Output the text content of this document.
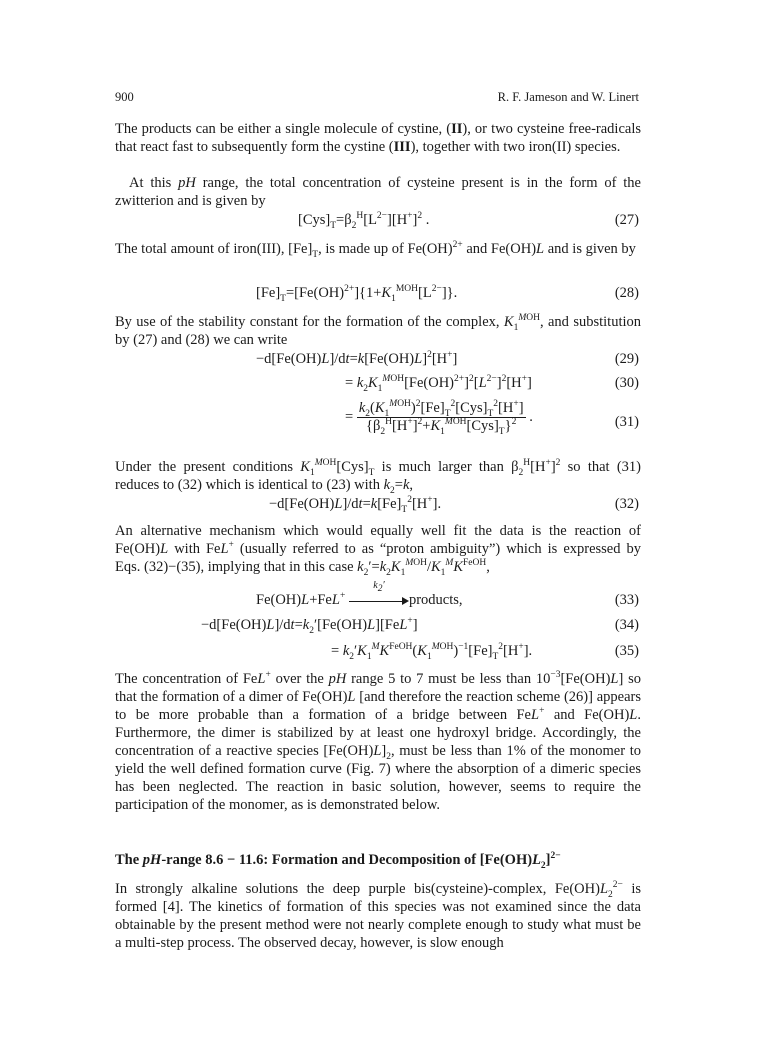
900	R. F. Jameson and W. Linert
The products can be either a single molecule of cystine, (II), or two cysteine free-radicals that react fast to subsequently form the cystine (III), together with two iron(II) species.
At this pH range, the total concentration of cysteine present is in the form of the zwitterion and is given by
$[Cys]_T=\beta_2^H[L^{2-}][H^+]^2$ .	(27)
The total amount of iron(III), $[Fe]_T$, is made up of Fe(OH)$^{2+}$ and Fe(OH)L and is given by
$[Fe]_T=[Fe(OH)^{2+}]\{1+K_1^{MOH}[L^{2-}]\}$.	(28)
By use of the stability constant for the formation of the complex, $K_1^{MOH}$, and substitution by (27) and (28) we can write
$-d[Fe(OH)L]/dt=k[Fe(OH)L]^2[H^+]$	(29)
= $k_2K_1^{MOH}[Fe(OH)^{2+}]^2[L^{2-}]^2[H^+]$	(30)
= $\frac{k_2(K_1^{MOH})^2[Fe]_T^2[Cys]_T^2[H^+]}{\{\beta_2^H[H^+]^2+K_1^{MOH}[Cys]_T\}^2}$ .	(31)
Under the present conditions $K_1^{MOH}[Cys]_T$ is much larger than $\beta_2^H[H^+]^2$ so that (31) reduces to (32) which is identical to (23) with $k_2=k$,
$-d[Fe(OH)L]/dt=k[Fe]_T^2[H^+]$.	(32)
An alternative mechanism which would equally well fit the data is the reaction of Fe(OH)L with FeL+ (usually referred to as “proton ambiguity”) which is expressed by Eqs. (32)−(35), implying that in this case $k_2'=k_2K_1^{MOH}/K_1^MK^{FeOH}$,
Fe(OH)L+FeL+
$k_2'$
products,	(33)
$-d[Fe(OH)L]/dt=k_2'[Fe(OH)L][FeL^+]$	(34)
= $k_2'K_1^MK^{FeOH}(K_1^{MOH})^{-1}[Fe]_T^2[H^+]$.	(35)
The concentration of FeL+ over the pH range 5 to 7 must be less than $10^{-3}[Fe(OH)L]$ so that the formation of a dimer of Fe(OH)L [and therefore the reaction scheme (26)] appears to be more probable than a formation of a bridge between FeL+ and Fe(OH)L. Furthermore, the dimer is stabilized by at least one hydroxyl bridge. Accordingly, the concentration of a reactive species $[Fe(OH)L]_2$, must be less than 1% of the monomer to yield the well defined formation curve (Fig. 7) where the absorption of a dimeric species has been neglected. The reaction in basic solution, however, seems to require the participation of the monomer, as is demonstrated below.
The pH-range 8.6 − 11.6: Formation and Decomposition of $[Fe(OH)L_2]^{2-}$
In strongly alkaline solutions the deep purple bis(cysteine)-complex, $Fe(OH)L_2^{2-}$ is formed [4]. The kinetics of formation of this species was not examined since the data obtainable by the present method were not nearly complete enough to study what must be a multi-step process. The observed decay, however, is slow enough
